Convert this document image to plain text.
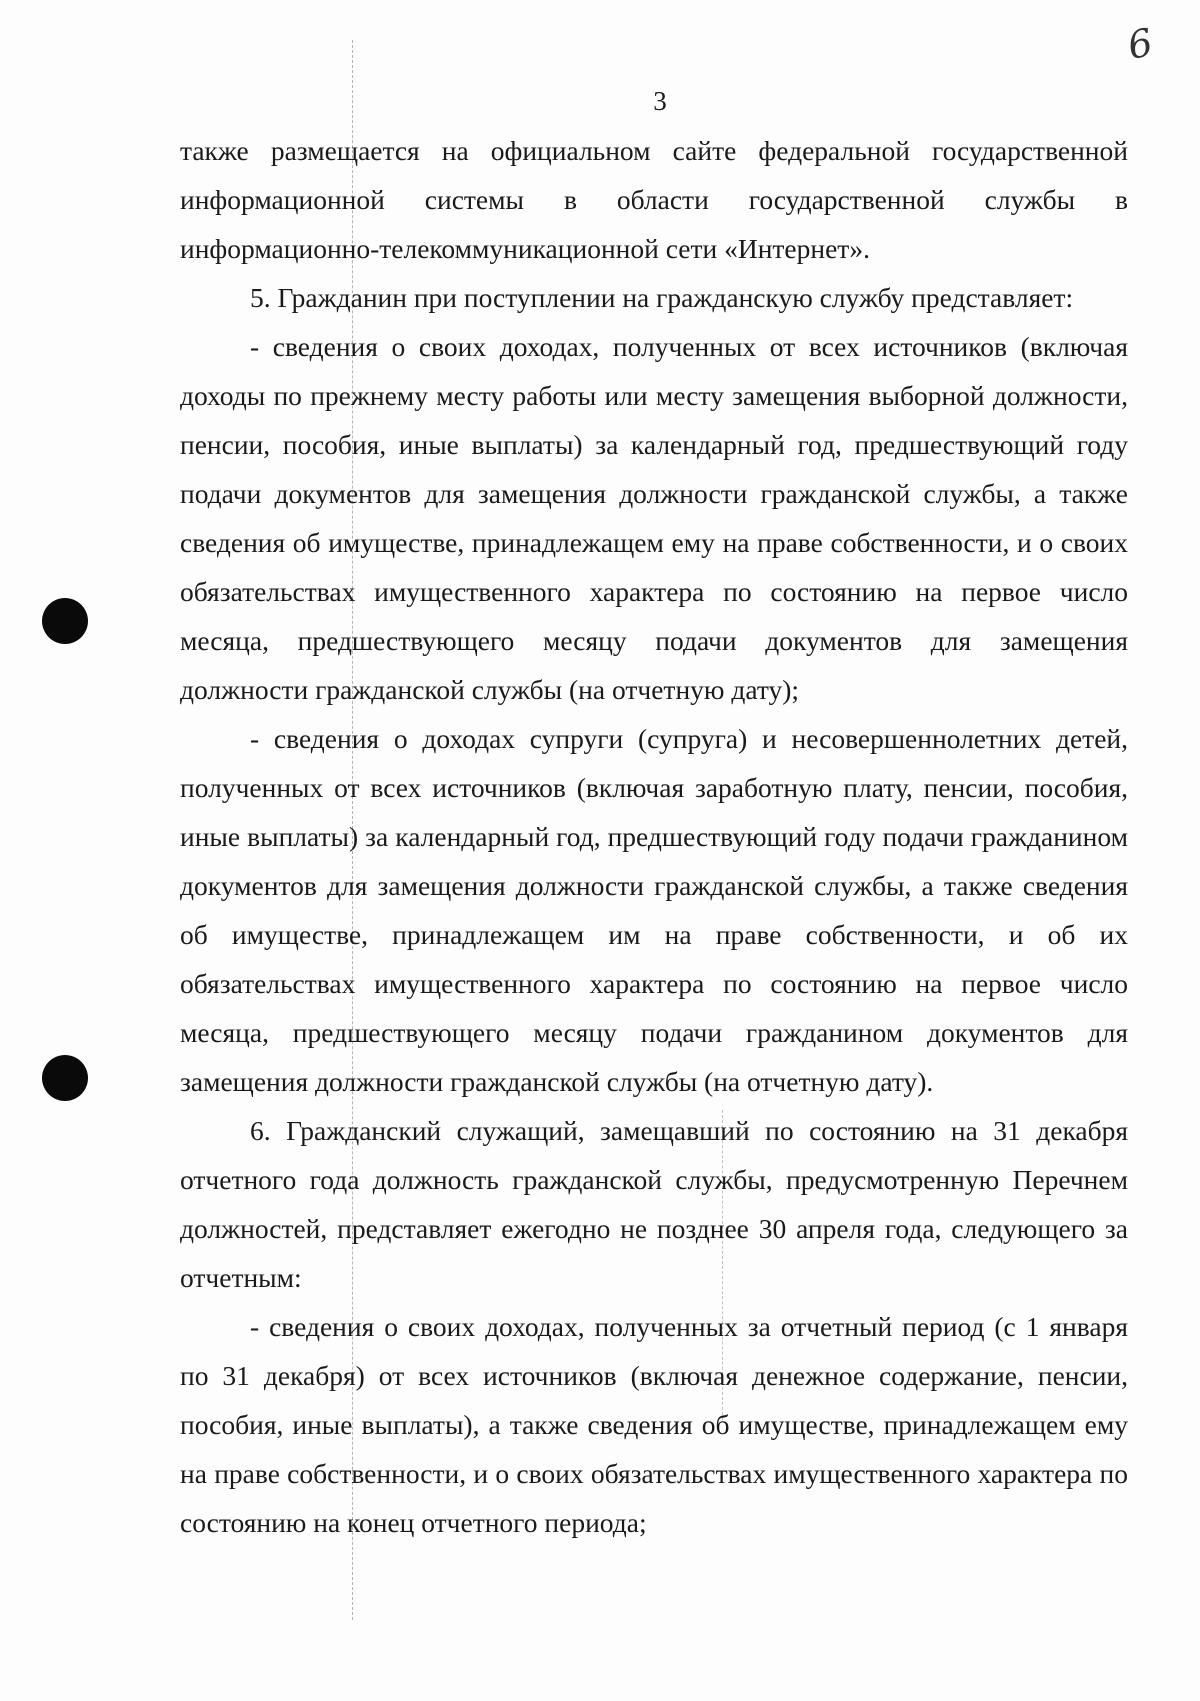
6
3

также размещается на официальном сайте федеральной государственной информационной системы в области государственной службы в информационно-телекоммуникационной сети «Интернет».

5. Гражданин при поступлении на гражданскую службу представляет:

- сведения о своих доходах, полученных от всех источников (включая доходы по прежнему месту работы или месту замещения выборной должности, пенсии, пособия, иные выплаты) за календарный год, предшествующий году подачи документов для замещения должности гражданской службы, а также сведения об имуществе, принадлежащем ему на праве собственности, и о своих обязательствах имущественного характера по состоянию на первое число месяца, предшествующего месяцу подачи документов для замещения должности гражданской службы (на отчетную дату);

- сведения о доходах супруги (супруга) и несовершеннолетних детей, полученных от всех источников (включая заработную плату, пенсии, пособия, иные выплаты) за календарный год, предшествующий году подачи гражданином документов для замещения должности гражданской службы, а также сведения об имуществе, принадлежащем им на праве собственности, и об их обязательствах имущественного характера по состоянию на первое число месяца, предшествующего месяцу подачи гражданином документов для замещения должности гражданской службы (на отчетную дату).

6. Гражданский служащий, замещавший по состоянию на 31 декабря отчетного года должность гражданской службы, предусмотренную Перечнем должностей, представляет ежегодно не позднее 30 апреля года, следующего за отчетным:

- сведения о своих доходах, полученных за отчетный период (с 1 января по 31 декабря) от всех источников (включая денежное содержание, пенсии, пособия, иные выплаты), а также сведения об имуществе, принадлежащем ему на праве собственности, и о своих обязательствах имущественного характера по состоянию на конец отчетного периода;
